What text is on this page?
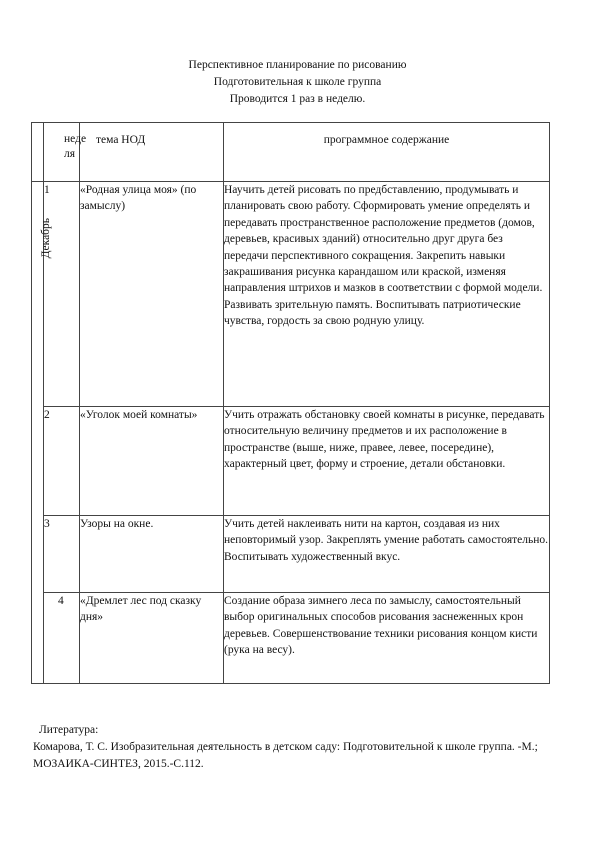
Перспективное планирование по рисованию
Подготовительная к школе группа
Проводится 1 раз в неделю.
	неде ля	тема НОД	программное содержание

Декабрь	1	«Родная улица моя» (по замыслу)	Научить детей рисовать по предбставлению, продумывать и планировать свою работу. Сформировать умение определять и передавать пространственное расположение предметов (домов, деревьев, красивых зданий) относительно друг друга без передачи перспективного сокращения. Закрепить навыки закрашивания рисунка карандашом или краской, изменяя направления штрихов и мазков в соответствии с формой модели. Развивать зрительную память. Воспитывать патриотические чувства, гордость за свою родную улицу.
	2	«Уголок моей комнаты»	Учить отражать обстановку своей комнаты в рисунке, передавать относительную величину предметов и их расположение в пространстве (выше, ниже, правее, левее, посередине), характерный цвет, форму и строение, детали обстановки.
	3	Узоры на окне.	Учить детей наклеивать нити на картон, создавая из них неповторимый узор. Закреплять умение работать самостоятельно. Воспитывать художественный вкус.
	4	«Дремлет лес под сказку дня»	Создание образа зимнего леса по замыслу, самостоятельный выбор оригинальных способов рисования заснеженных крон деревьев. Совершенствование техники рисования концом кисти (рука на весу).
Литература:
Комарова, Т. С. Изобразительная деятельность в детском саду: Подготовительной к школе группа. -М.; МОЗАИКА-СИНТЕЗ, 2015.-С.112.
